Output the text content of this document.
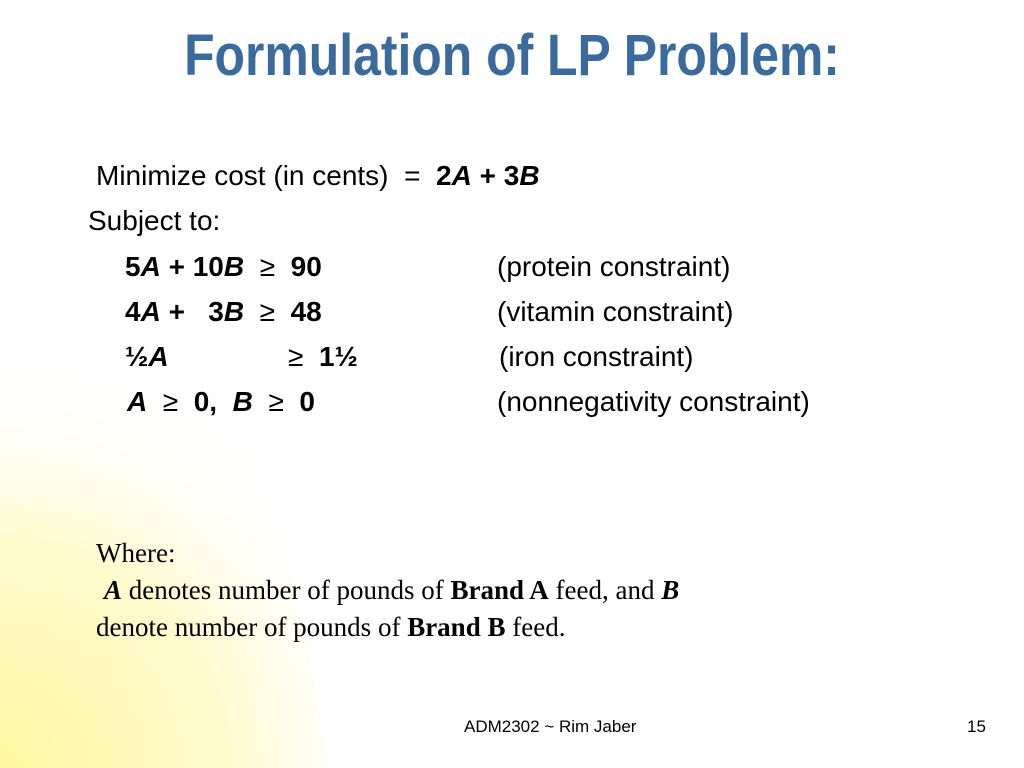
Formulation of LP Problem:
Minimize cost (in cents) = 2A + 3B
Subject to:
5A + 10B ≥ 90	(protein constraint)
4A + 3B ≥ 48	(vitamin constraint)
½A	≥ 1½	(iron constraint)
A ≥ 0, B ≥ 0	(nonnegativity constraint)
Where:
A denotes number of pounds of Brand A feed, and B
denote number of pounds of Brand B feed.
ADM2302 ~ Rim Jaber	15
